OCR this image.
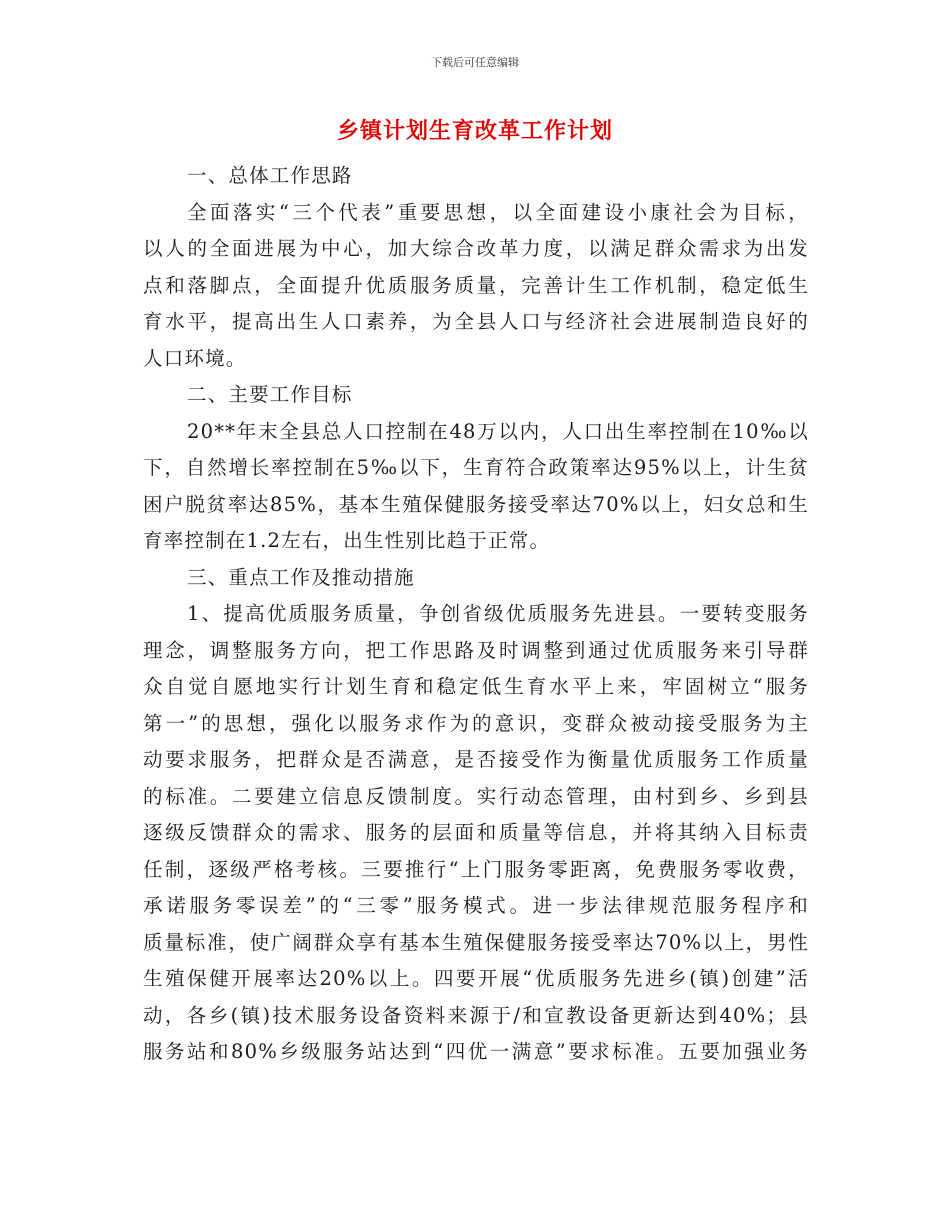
下载后可任意编辑
乡镇计划生育改革工作计划
一、总体工作思路
全面落实“三个代表”重要思想，以全面建设小康社会为目标，
以人的全面进展为中心，加大综合改革力度，以满足群众需求为出发
点和落脚点，全面提升优质服务质量，完善计生工作机制，稳定低生
育水平，提高出生人口素养，为全县人口与经济社会进展制造良好的
人口环境。
二、主要工作目标
20**年末全县总人口控制在48万以内，人口出生率控制在10‰以
下，自然增长率控制在5‰以下，生育符合政策率达95%以上，计生贫
困户脱贫率达85%，基本生殖保健服务接受率达70%以上，妇女总和生
育率控制在1.2左右，出生性别比趋于正常。
三、重点工作及推动措施
1、提高优质服务质量，争创省级优质服务先进县。一要转变服务
理念，调整服务方向，把工作思路及时调整到通过优质服务来引导群
众自觉自愿地实行计划生育和稳定低生育水平上来，牢固树立“服务
第一”的思想，强化以服务求作为的意识，变群众被动接受服务为主
动要求服务，把群众是否满意，是否接受作为衡量优质服务工作质量
的标准。二要建立信息反馈制度。实行动态管理，由村到乡、乡到县
逐级反馈群众的需求、服务的层面和质量等信息，并将其纳入目标责
任制，逐级严格考核。三要推行“上门服务零距离，免费服务零收费，
承诺服务零误差”的“三零”服务模式。进一步法律规范服务程序和
质量标准，使广阔群众享有基本生殖保健服务接受率达70%以上，男性
生殖保健开展率达20%以上。四要开展“优质服务先进乡(镇)创建”活
动，各乡(镇)技术服务设备资料来源于/和宣教设备更新达到40%；县
服务站和80%乡级服务站达到“四优一满意”要求标准。五要加强业务
